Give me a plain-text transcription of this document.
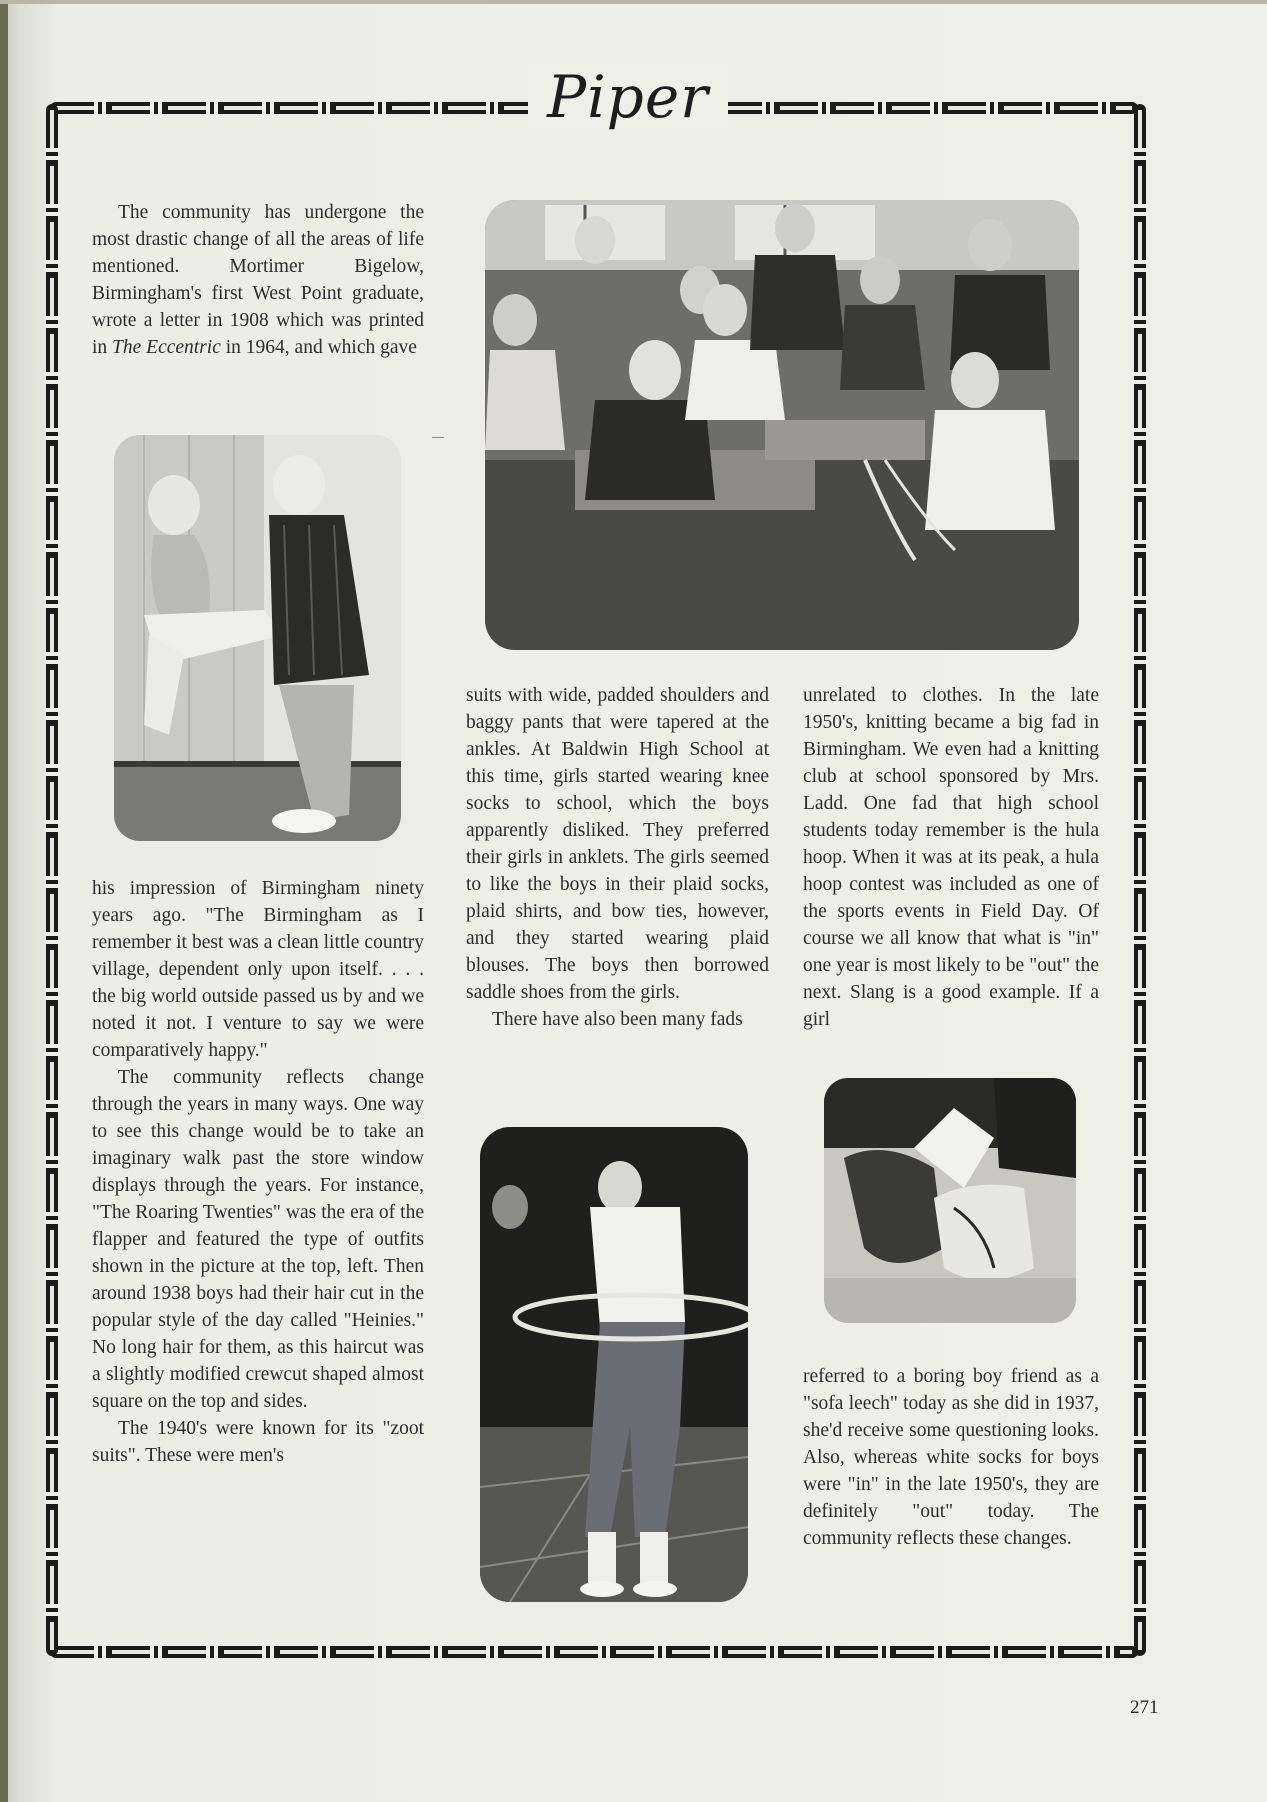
Piper

The community has undergone the most drastic change of all the areas of life mentioned. Mortimer Bigelow, Birmingham's first West Point graduate, wrote a letter in 1908 which was printed in The Eccentric in 1964, and which gave

his impression of Birmingham ninety years ago. "The Birmingham as I remember it best was a clean little country village, dependent only upon itself. . . . the big world outside passed us by and we noted it not. I venture to say we were comparatively happy."

The community reflects change through the years in many ways. One way to see this change would be to take an imaginary walk past the store window displays through the years. For instance, "The Roaring Twenties" was the era of the flapper and featured the type of outfits shown in the picture at the top, left. Then around 1938 boys had their hair cut in the popular style of the day called "Heinies." No long hair for them, as this haircut was a slightly modified crewcut shaped almost square on the top and sides.

The 1940's were known for its "zoot suits". These were men's

suits with wide, padded shoulders and baggy pants that were tapered at the ankles. At Baldwin High School at this time, girls started wearing knee socks to school, which the boys apparently disliked. They preferred their girls in anklets. The girls seemed to like the boys in their plaid socks, plaid shirts, and bow ties, however, and they started wearing plaid blouses. The boys then borrowed saddle shoes from the girls.

There have also been many fads

unrelated to clothes. In the late 1950's, knitting became a big fad in Birmingham. We even had a knitting club at school sponsored by Mrs. Ladd. One fad that high school students today remember is the hula hoop. When it was at its peak, a hula hoop contest was included as one of the sports events in Field Day. Of course we all know that what is "in" one year is most likely to be "out" the next. Slang is a good example. If a girl

referred to a boring boy friend as a "sofa leech" today as she did in 1937, she'd receive some questioning looks. Also, whereas white socks for boys were "in" in the late 1950's, they are definitely "out" today. The community reflects these changes.

271
